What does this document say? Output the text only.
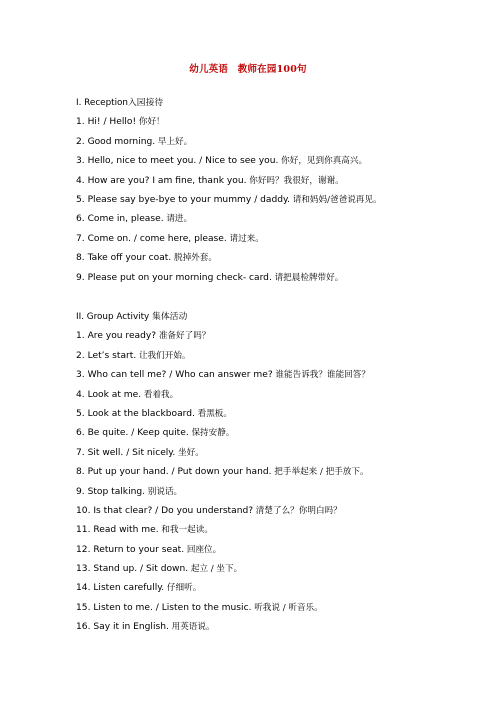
幼儿英语　教师在园100句
I. Reception入园接待
1. Hi! / Hello! 你好！
2. Good morning. 早上好。
3. Hello, nice to meet you. / Nice to see you. 你好，见到你真高兴。
4. How are you? I am fine, thank you. 你好吗？我很好，谢谢。
5. Please say bye-bye to your mummy / daddy. 请和妈妈/爸爸说再见。
6. Come in, please. 请进。
7. Come on. / come here, please. 请过来。
8. Take off your coat. 脱掉外套。
9. Please put on your morning check- card. 请把晨检牌带好。
II. Group Activity 集体活动
1. Are you ready? 准备好了吗？
2. Let’s start. 让我们开始。
3. Who can tell me? / Who can answer me? 谁能告诉我？谁能回答？
4. Look at me. 看着我。
5. Look at the blackboard. 看黑板。
6. Be quite. / Keep quite. 保持安静。
7. Sit well. / Sit nicely. 坐好。
8. Put up your hand. / Put down your hand. 把手举起来 / 把手放下。
9. Stop talking. 别说话。
10. Is that clear? / Do you understand? 清楚了么？你明白吗？
11. Read with me. 和我一起读。
12. Return to your seat. 回座位。
13. Stand up. / Sit down. 起立 / 坐下。
14. Listen carefully. 仔细听。
15. Listen to me. / Listen to the music. 听我说 / 听音乐。
16. Say it in English. 用英语说。
